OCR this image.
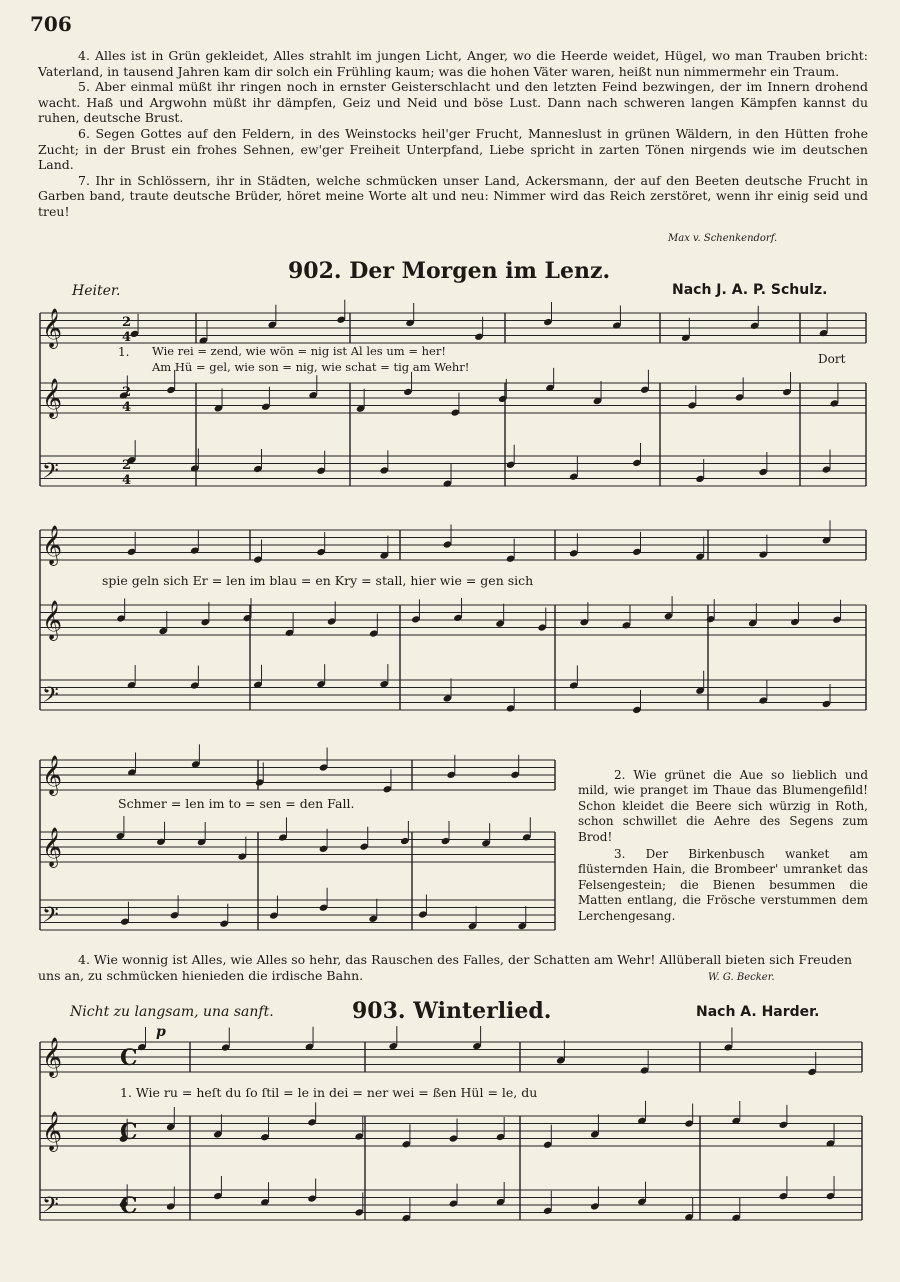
706

4. Alles ist in Grün gekleidet, Alles strahlt im jungen Licht, Anger, wo die Heerde weidet, Hügel, wo man Trauben bricht: Vaterland, in tausend Jahren kam dir solch ein Frühling kaum; was die hohen Väter waren, heißt nun nimmermehr ein Traum.

5. Aber einmal müßt ihr ringen noch in ernster Geisterschlacht und den letzten Feind bezwingen, der im Innern drohend wacht. Haß und Argwohn müßt ihr dämpfen, Geiz und Neid und böse Lust. Dann nach schweren langen Kämpfen kannst du ruhen, deutsche Brust.

6. Segen Gottes auf den Feldern, in des Weinstocks heil'ger Frucht, Manneslust in grünen Wäldern, in den Hütten frohe Zucht; in der Brust ein frohes Sehnen, ew'ger Freiheit Unterpfand, Liebe spricht in zarten Tönen nirgends wie im deutschen Land.

7. Ihr in Schlössern, ihr in Städten, welche schmücken unser Land, Ackersmann, der auf den Beeten deutsche Frucht in Garben band, traute deutsche Brüder, höret meine Worte alt und neu: Nimmer wird das Reich zerstöret, wenn ihr einig seid und treu!

Max v. Schenkendorf.
Heiter.
902. Der Morgen im Lenz.
Nach J. A. P. Schulz.
𝄞
𝄞
𝄢
𝄞
𝄞
𝄢
𝄞
𝄞
𝄢
2
4
2
4
2
4
𝄞
𝄞
𝄢
C
C
C
1. Wie rei = zend, wie wön = nig ist Al les um = her!
Am Hü = gel, wie son = nig, wie schat = tig am Wehr!
Dort
spie geln sich Er = len im blau = en Kry = stall, hier wie = gen sich
Schmer = len im to = sen = den Fall.

2. Wie grünet die Aue so lieblich und mild, wie pranget im Thaue das Blumengefild! Schon kleidet die Beere sich würzig in Roth, schon schwillet die Aehre des Segens zum Brod!

3. Der Birkenbusch wanket am flüsternden Hain, die Brombeer' umranket das Felsengestein; die Bienen besummen die Matten entlang, die Frösche verstummen dem Lerchengesang.

4. Wie wonnig ist Alles, wie Alles so hehr, das Rauschen des Falles, der Schatten am Wehr! Allüberall bieten sich Freuden uns an, zu schmücken hienieden die irdische Bahn.	W. G. Becker.
Nicht zu langsam, una sanft.	903. Winterlied.	Nach A. Harder.
p
1. Wie ru = heſt du ſo ſtil = le in dei = ner wei = ßen Hül = le, du
